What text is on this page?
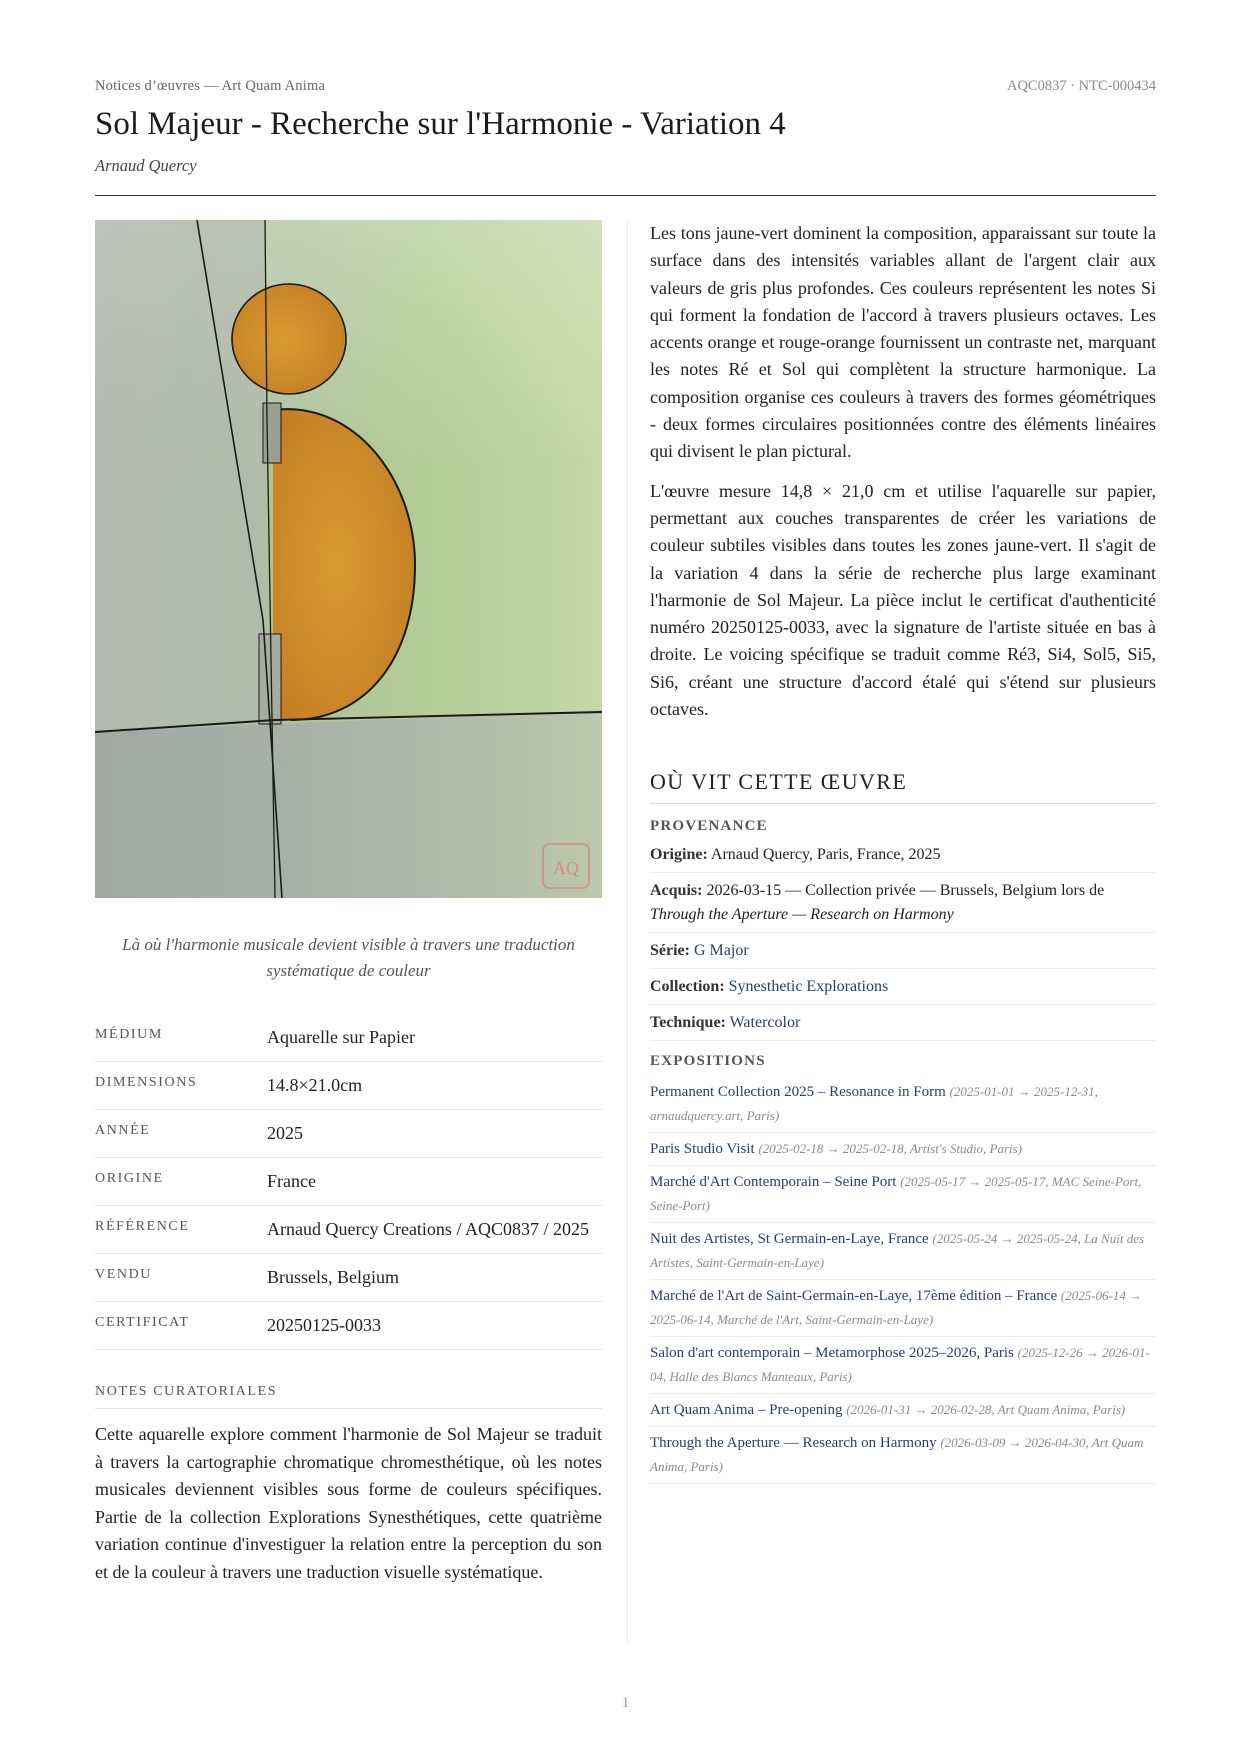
Notices d’œuvres — Art Quam Anima	AQC0837 · NTC-000434
Sol Majeur - Recherche sur l'Harmonie - Variation 4
Arnaud Quercy
AQ
Là où l'harmonie musicale devient visible à travers une traduction systématique de couleur
MÉDIUM	Aquarelle sur Papier
DIMENSIONS	14.8×21.0cm
ANNÉE	2025
ORIGINE	France
RÉFÉRENCE	Arnaud Quercy Creations / AQC0837 / 2025
VENDU	Brussels, Belgium
CERTIFICAT	20250125-0033
NOTES CURATORIALES
Cette aquarelle explore comment l'harmonie de Sol Majeur se traduit à travers la cartographie chromatique chromesthétique, où les notes musicales deviennent visibles sous forme de couleurs spécifiques. Partie de la collection Explorations Synesthétiques, cette quatrième variation continue d'investiguer la relation entre la perception du son et de la couleur à travers une traduction visuelle systématique.

Les tons jaune-vert dominent la composition, apparaissant sur toute la surface dans des intensités variables allant de l'argent clair aux valeurs de gris plus profondes. Ces couleurs représentent les notes Si qui forment la fondation de l'accord à travers plusieurs octaves. Les accents orange et rouge-orange fournissent un contraste net, marquant les notes Ré et Sol qui complètent la structure harmonique. La composition organise ces couleurs à travers des formes géométriques - deux formes circulaires positionnées contre des éléments linéaires qui divisent le plan pictural.

L'œuvre mesure 14,8 × 21,0 cm et utilise l'aquarelle sur papier, permettant aux couches transparentes de créer les variations de couleur subtiles visibles dans toutes les zones jaune-vert. Il s'agit de la variation 4 dans la série de recherche plus large examinant l'harmonie de Sol Majeur. La pièce inclut le certificat d'authenticité numéro 20250125-0033, avec la signature de l'artiste située en bas à droite. Le voicing spécifique se traduit comme Ré3, Si4, Sol5, Si5, Si6, créant une structure d'accord étalé qui s'étend sur plusieurs octaves.

OÙ VIT CETTE ŒUVRE
PROVENANCE
Origine: Arnaud Quercy, Paris, France, 2025
Acquis: 2026-03-15 — Collection privée — Brussels, Belgium lors de Through the Aperture — Research on Harmony
Série: G Major
Collection: Synesthetic Explorations
Technique: Watercolor
EXPOSITIONS
Permanent Collection 2025 – Resonance in Form (2025-01-01 → 2025-12-31, arnaudquercy.art, Paris)
Paris Studio Visit (2025-02-18 → 2025-02-18, Artist's Studio, Paris)
Marché d'Art Contemporain – Seine Port (2025-05-17 → 2025-05-17, MAC Seine-Port, Seine-Port)
Nuit des Artistes, St Germain-en-Laye, France (2025-05-24 → 2025-05-24, La Nuit des Artistes, Saint-Germain-en-Laye)
Marché de l'Art de Saint-Germain-en-Laye, 17ème édition – France (2025-06-14 → 2025-06-14, Marché de l'Art, Saint-Germain-en-Laye)
Salon d'art contemporain – Metamorphose 2025–2026, Paris (2025-12-26 → 2026-01-04, Halle des Blancs Manteaux, Paris)
Art Quam Anima – Pre-opening (2026-01-31 → 2026-02-28, Art Quam Anima, Paris)
Through the Aperture — Research on Harmony (2026-03-09 → 2026-04-30, Art Quam Anima, Paris)
1
